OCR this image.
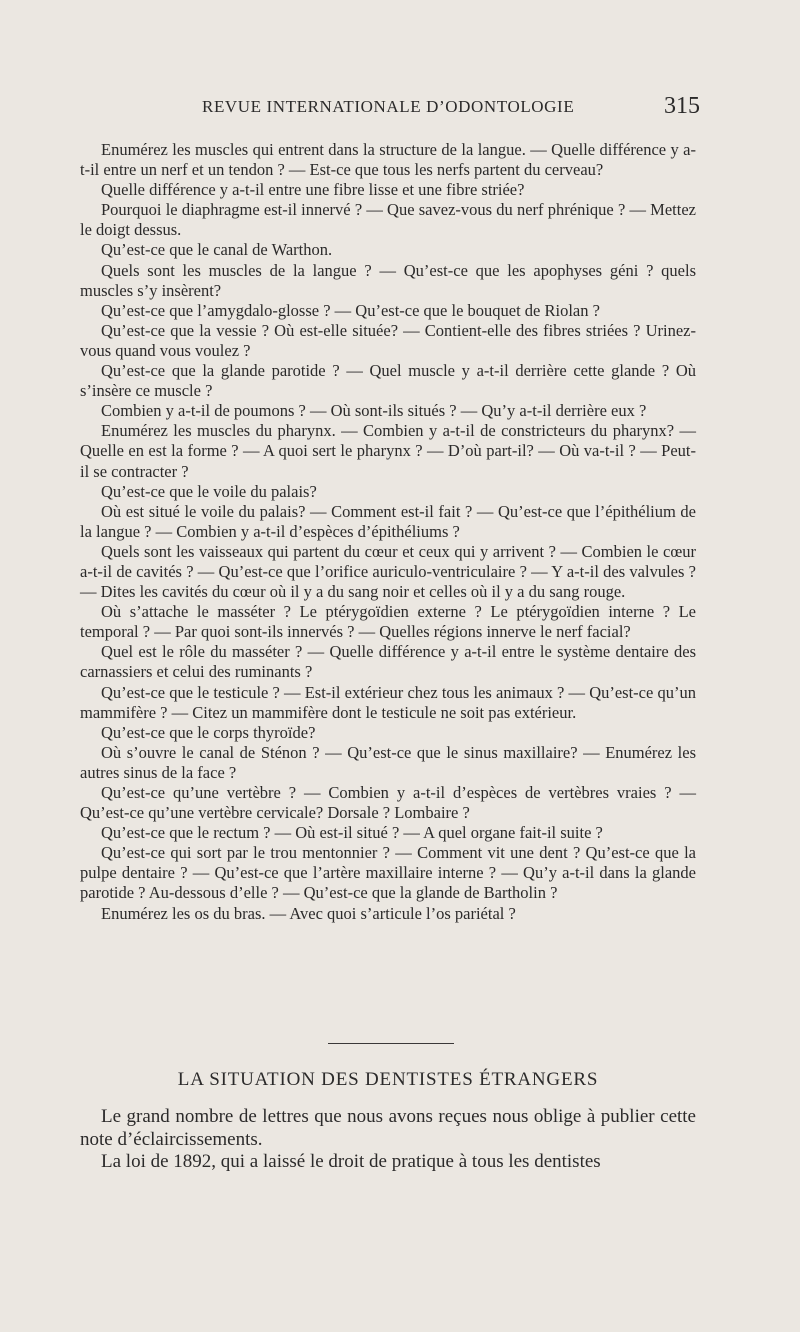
REVUE INTERNATIONALE D’ODONTOLOGIE	315

Enumérez les muscles qui entrent dans la structure de la langue. — Quelle différence y a-t-il entre un nerf et un tendon ? — Est-ce que tous les nerfs partent du cerveau?

Quelle différence y a-t-il entre une fibre lisse et une fibre striée?

Pourquoi le diaphragme est-il innervé ? — Que savez-vous du nerf phrénique ? — Mettez le doigt dessus.

Qu’est-ce que le canal de Warthon.

Quels sont les muscles de la langue ? — Qu’est-ce que les apophyses géni ? quels muscles s’y insèrent?

Qu’est-ce que l’amygdalo-glosse ? — Qu’est-ce que le bouquet de Riolan ?

Qu’est-ce que la vessie ? Où est-elle située? — Contient-elle des fibres striées ? Urinez-vous quand vous voulez ?

Qu’est-ce que la glande parotide ? — Quel muscle y a-t-il derrière cette glande ? Où s’insère ce muscle ?

Combien y a-t-il de poumons ? — Où sont-ils situés ? — Qu’y a-t-il derrière eux ?

Enumérez les muscles du pharynx. — Combien y a-t-il de constricteurs du pharynx? — Quelle en est la forme ? — A quoi sert le pharynx ? — D’où part-il? — Où va-t-il ? — Peut-il se contracter ?

Qu’est-ce que le voile du palais?

Où est situé le voile du palais? — Comment est-il fait ? — Qu’est-ce que l’épithélium de la langue ? — Combien y a-t-il d’espèces d’épithéliums ?

Quels sont les vaisseaux qui partent du cœur et ceux qui y arrivent ? — Combien le cœur a-t-il de cavités ? — Qu’est-ce que l’orifice auriculo-ventriculaire ? — Y a-t-il des valvules ? — Dites les cavités du cœur où il y a du sang noir et celles où il y a du sang rouge.

Où s’attache le masséter ? Le ptérygoïdien externe ? Le ptérygoïdien interne ? Le temporal ? — Par quoi sont-ils innervés ? — Quelles régions innerve le nerf facial?

Quel est le rôle du masséter ? — Quelle différence y a-t-il entre le système dentaire des carnassiers et celui des ruminants ?

Qu’est-ce que le testicule ? — Est-il extérieur chez tous les animaux ? — Qu’est-ce qu’un mammifère ? — Citez un mammifère dont le testicule ne soit pas extérieur.

Qu’est-ce que le corps thyroïde?

Où s’ouvre le canal de Sténon ? — Qu’est-ce que le sinus maxillaire? — Enumérez les autres sinus de la face ?

Qu’est-ce qu’une vertèbre ? — Combien y a-t-il d’espèces de vertèbres vraies ? — Qu’est-ce qu’une vertèbre cervicale? Dorsale ? Lombaire ?

Qu’est-ce que le rectum ? — Où est-il situé ? — A quel organe fait-il suite ?

Qu’est-ce qui sort par le trou mentonnier ? — Comment vit une dent ? Qu’est-ce que la pulpe dentaire ? — Qu’est-ce que l’artère maxillaire interne ? — Qu’y a-t-il dans la glande parotide ? Au-dessous d’elle ? — Qu’est-ce que la glande de Bartholin ?

Enumérez les os du bras. — Avec quoi s’articule l’os pariétal ?

LA SITUATION DES DENTISTES ÉTRANGERS

Le grand nombre de lettres que nous avons reçues nous oblige à publier cette note d’éclaircissements.

La loi de 1892, qui a laissé le droit de pratique à tous les dentistes
